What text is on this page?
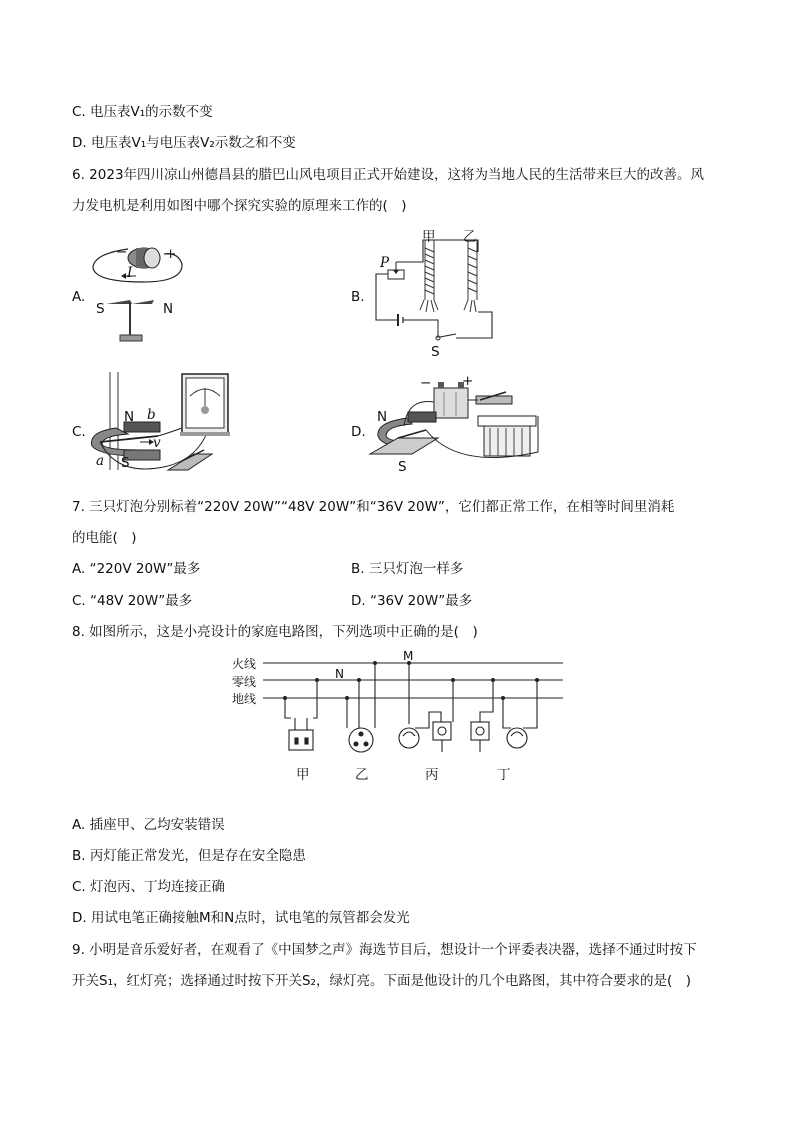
C. 电压表V₁的示数不变
D. 电压表V₁与电压表V₂示数之和不变
6. 2023年四川凉山州德昌县的腊巴山风电项目正式开始建设，这将为当地人民的生活带来巨大的改善。风
力发电机是利用如图中哪个探究实验的原理来工作的(　)
A.	B.
C.	D.
−	+
I
S	N
甲 乙
P
S
N b
a S
v
− +
N
S
7. 三只灯泡分别标着“220V 20W”“48V 20W”和“36V 20W”，它们都正常工作，在相等时间里消耗
的电能(　)
A. “220V 20W”最多	B. 三只灯泡一样多
C. “48V 20W”最多	D. “36V 20W”最多
8. 如图所示，这是小亮设计的家庭电路图，下列选项中正确的是(　)
火线
零线
地线
M
N
甲	乙	丙	丁
A. 插座甲、乙均安装错误
B. 丙灯能正常发光，但是存在安全隐患
C. 灯泡丙、丁均连接正确
D. 用试电笔正确接触M和N点时，试电笔的氖管都会发光
9. 小明是音乐爱好者，在观看了《中国梦之声》海选节目后，想设计一个评委表决器，选择不通过时按下
开关S₁，红灯亮；选择通过时按下开关S₂，绿灯亮。下面是他设计的几个电路图，其中符合要求的是(　)
